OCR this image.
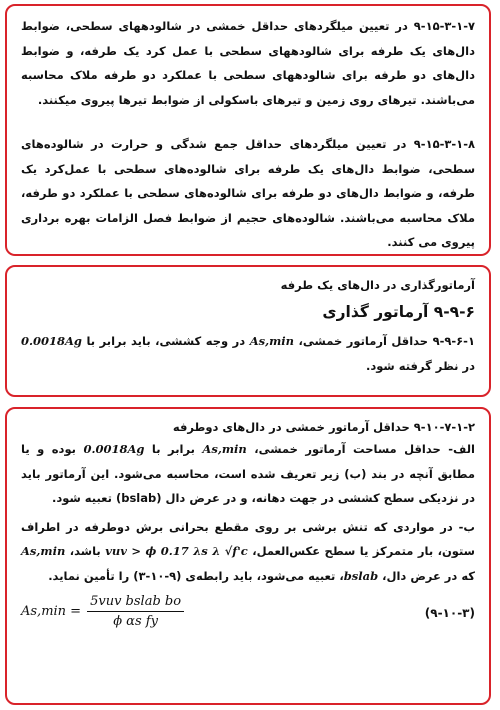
۹-۱۵-۳-۱-۷ در تعیین میلگردهای حداقل خمشی در شالودههای سطحی، ضوابط دال‌های یک طرفه برای شالودههای سطحی با عمل کرد یک طرفه، و ضوابط دال‌های دو طرفه برای شالودههای سطحی با عملکرد دو طرفه ملاک محاسبه می‌باشند. تیرهای روی زمین و تیرهای باسکولی از ضوابط تیرها پیروی میکنند.

۹-۱۵-۳-۱-۸ در تعیین میلگردهای حداقل جمع شدگی و حرارت در شالوده‌های سطحی، ضوابط دال‌های یک طرفه برای شالوده‌های سطحی با عمل‌کرد یک طرفه، و ضوابط دال‌های دو طرفه برای شالوده‌های سطحی با عملکرد دو طرفه، ملاک محاسبه می‌باشند. شالوده‌های حجیم از ضوابط فصل الزامات بهره برداری پیروی می کنند.

آرماتورگذاری در دال‌های یک طرفه
۹-۹-۶ آرماتور گذاری

۹-۹-۶-۱ حداقل آرماتور خمشی، As,min در وجه کششی، باید برابر با 0.0018Ag در نظر گرفته شود.

۹-۱۰-۷-۱-۲ حداقل آرماتور خمشی در دال‌های دوطرفه

الف- حداقل مساحت آرماتور خمشی، As,min برابر با 0.0018Ag بوده و یا مطابق آنچه در بند (ب) زیر تعریف شده است، محاسبه می‌شود. این آرماتور باید در نزدیکی سطح کششی در جهت دهانه، و در عرض دال (bslab) تعبیه شود.

ب- در مواردی که تنش برشی بر روی مقطع بحرانی برش دوطرفه در اطراف ستون، بار متمرکز یا سطح عکس‌العمل، vuv > ϕ 0.17 λs λ √f'c باشد، As,min که در عرض دال، bslab، تعبیه می‌شود، باید رابطه‌ی (۹-۱۰-۳) را تأمین نماید.

$As,\min = \frac{\text{5vuv bslab bo}}{\text{ϕ αs fy}}$	(۹-۱۰-۳)
